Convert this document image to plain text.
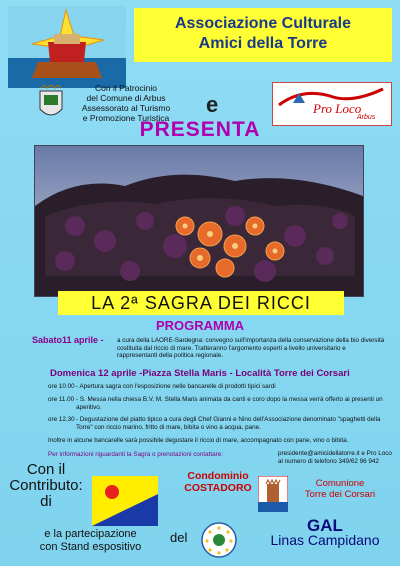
Associazione Culturale
Amici della Torre
Con il Patrocinio
del Comune di Arbus
Assessorato al Turismo
e Promozione Turistica
e	Pro Loco
Arbus
PRESENTA
LA 2ª SAGRA DEI RICCI
PROGRAMMA
Sabato11 aprile - a cura della LAORE-Sardegna: convegno sull'importanza della conservazione della bio diversità costituita dal riccio di mare. Tratteranno l'argomento esperti a livello universitario e rappresentanti della politica regionale.
Domenica 12 aprile -Piazza Stella Maris - Località Torre dei Corsari
ore 10.00 - Apertura sagra con l'esposizione nelle bancarelle di prodotti tipici sardi
ore 11.00 - S. Messa nella chiesa B.V. M. Stella Maris animata da canti e coro dopo la messa verrà offerto ai presenti un aperitivo.
ore 12.30 - Degustazione del piatto tipico a cura degli Chef Gianni e Nino dell'Associazione denominato "spaghetti della Torre" con riccio marino, fritto di mare, bibita o vino a acqua, pane.
Inoltre in alcune bancarelle sarà possibile degustare il riccio di mare, accompagnato con pane, vino o bibita.
Per informazioni riguardanti la Sagra o prenotazioni contattare:	presidente@amicidellatorre.it e Pro Loco al numero di telefono 349/62 96 942
Con il
Contributo:
di
Condominio
COSTADORO	Comunione
Torre dei Corsari
e la partecipazione
con Stand espositivo
del
GAL
Linas Campidano
